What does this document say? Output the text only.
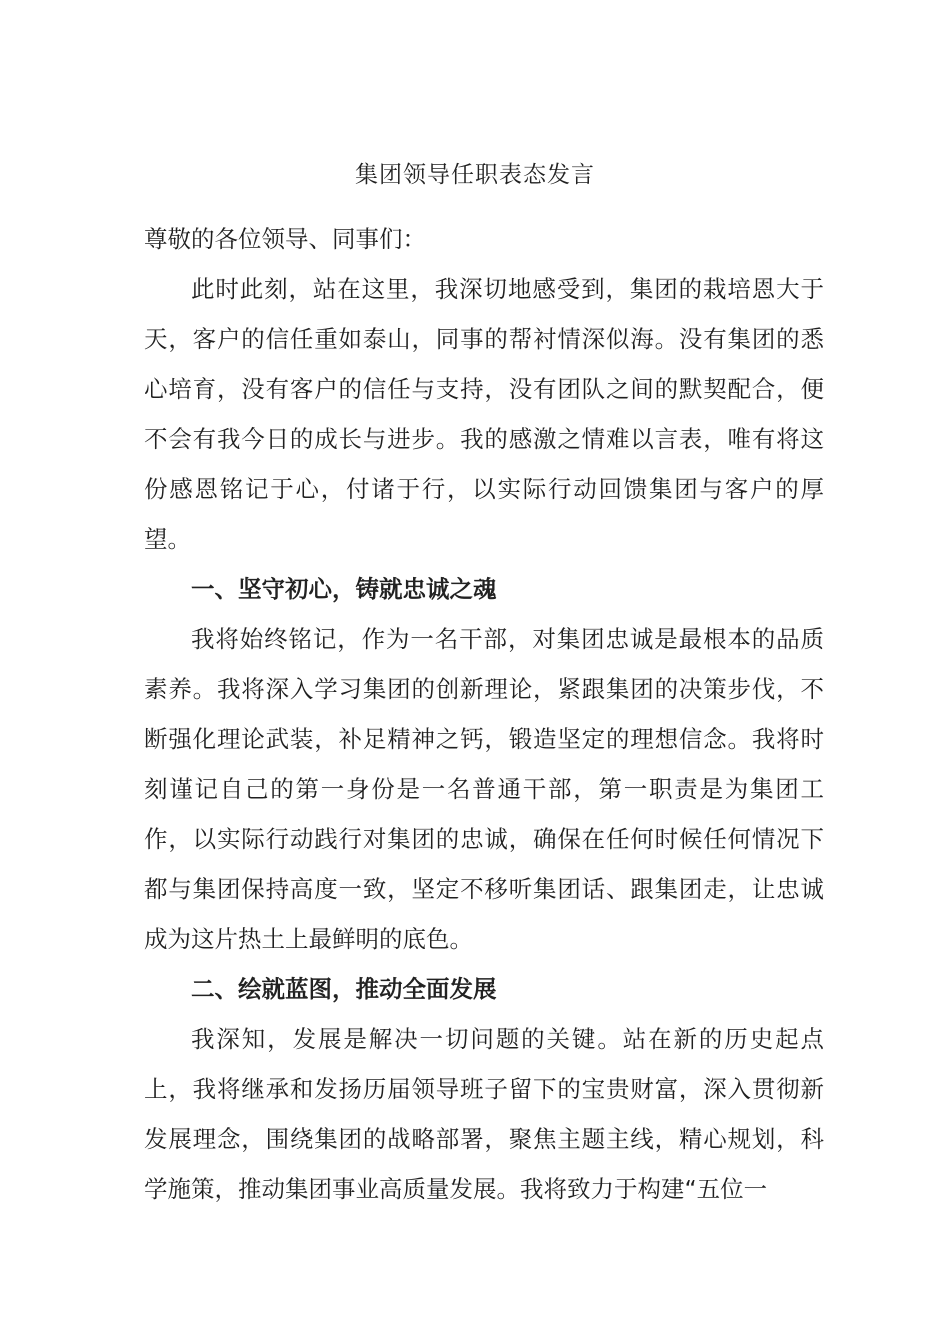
集团领导任职表态发言

尊敬的各位领导、同事们：

此时此刻，站在这里，我深切地感受到，集团的栽培恩大于天，客户的信任重如泰山，同事的帮衬情深似海。没有集团的悉心培育，没有客户的信任与支持，没有团队之间的默契配合，便不会有我今日的成长与进步。我的感激之情难以言表，唯有将这份感恩铭记于心，付诸于行，以实际行动回馈集团与客户的厚望。

一、坚守初心，铸就忠诚之魂

我将始终铭记，作为一名干部，对集团忠诚是最根本的品质素养。我将深入学习集团的创新理论，紧跟集团的决策步伐，不断强化理论武装，补足精神之钙，锻造坚定的理想信念。我将时刻谨记自己的第一身份是一名普通干部，第一职责是为集团工作，以实际行动践行对集团的忠诚，确保在任何时候任何情况下都与集团保持高度一致，坚定不移听集团话、跟集团走，让忠诚成为这片热土上最鲜明的底色。

二、绘就蓝图，推动全面发展

我深知，发展是解决一切问题的关键。站在新的历史起点上，我将继承和发扬历届领导班子留下的宝贵财富，深入贯彻新发展理念，围绕集团的战略部署，聚焦主题主线，精心规划，科学施策，推动集团事业高质量发展。我将致力于构建“五位一
